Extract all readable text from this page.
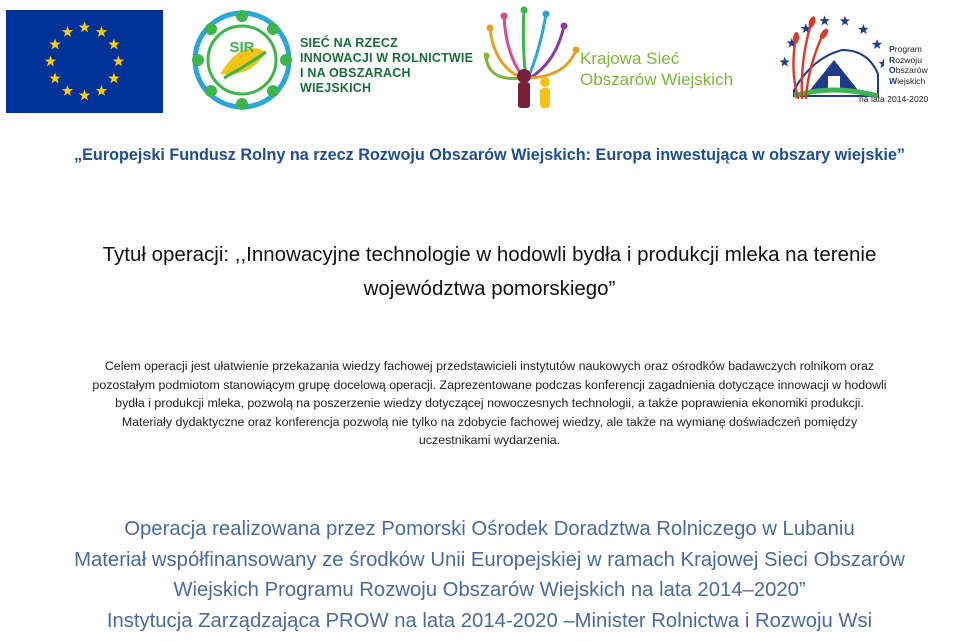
SIR	SIEĆ NA RZECZ
INNOWACJI W ROLNICTWIE
I NA OBSZARACH WIEJSKICH
Krajowa Sieć
Obszarów Wiejskich
Program
Rozwoju
Obszarów
Wiejskich
na lata 2014-2020
„Europejski Fundusz Rolny na rzecz Rozwoju Obszarów Wiejskich: Europa inwestująca w obszary wiejskie”
Tytuł operacji: ,,Innowacyjne technologie w hodowli bydła i produkcji mleka na terenie
województwa pomorskiego”
Celem operacji jest ułatwienie przekazania wiedzy fachowej przedstawicieli instytutów naukowych oraz ośrodków badawczych rolnikom oraz
pozostałym podmiotom stanowiącym grupę docelową operacji. Zaprezentowane podczas konferencji zagadnienia dotyczące innowacji w hodowli
bydła i produkcji mleka, pozwolą na poszerzenie wiedzy dotyczącej nowoczesnych technologii, a także poprawienia ekonomiki produkcji.
Materiały dydaktyczne oraz konferencja pozwolą nie tylko na zdobycie fachowej wiedzy, ale także na wymianę doświadczeń pomiędzy
uczestnikami wydarzenia.
Operacja realizowana przez Pomorski Ośrodek Doradztwa Rolniczego w Lubaniu
Materiał współfinansowany ze środków Unii Europejskiej w ramach Krajowej Sieci Obszarów
Wiejskich Programu Rozwoju Obszarów Wiejskich na lata 2014–2020”
Instytucja Zarządzająca PROW na lata 2014-2020 –Minister Rolnictwa i Rozwoju Wsi
